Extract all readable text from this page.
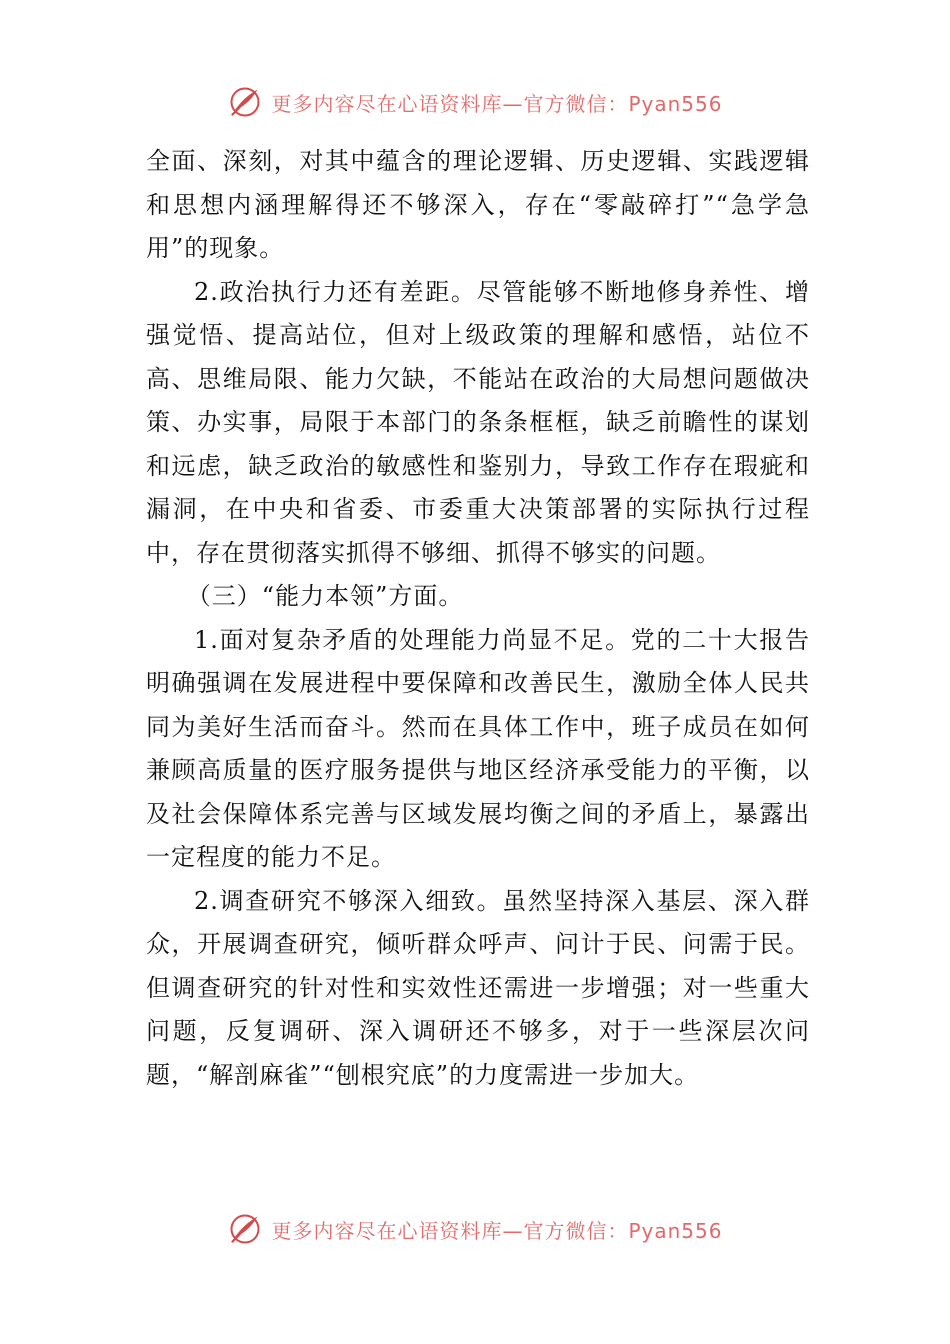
更多内容尽在心语资料库—官方微信：Pyan556

全面、深刻，对其中蕴含的理论逻辑、历史逻辑、实践逻辑和思想内涵理解得还不够深入，存在“零敲碎打”“急学急用”的现象。

2.政治执行力还有差距。尽管能够不断地修身养性、增强觉悟、提高站位，但对上级政策的理解和感悟，站位不高、思维局限、能力欠缺，不能站在政治的大局想问题做决策、办实事，局限于本部门的条条框框，缺乏前瞻性的谋划和远虑，缺乏政治的敏感性和鉴别力，导致工作存在瑕疵和漏洞，在中央和省委、市委重大决策部署的实际执行过程中，存在贯彻落实抓得不够细、抓得不够实的问题。

（三）“能力本领”方面。

1.面对复杂矛盾的处理能力尚显不足。党的二十大报告明确强调在发展进程中要保障和改善民生，激励全体人民共同为美好生活而奋斗。然而在具体工作中，班子成员在如何兼顾高质量的医疗服务提供与地区经济承受能力的平衡，以及社会保障体系完善与区域发展均衡之间的矛盾上，暴露出一定程度的能力不足。

2.调查研究不够深入细致。虽然坚持深入基层、深入群众，开展调查研究，倾听群众呼声、问计于民、问需于民。但调查研究的针对性和实效性还需进一步增强；对一些重大问题，反复调研、深入调研还不够多，对于一些深层次问题，“解剖麻雀”“刨根究底”的力度需进一步加大。

更多内容尽在心语资料库—官方微信：Pyan556
